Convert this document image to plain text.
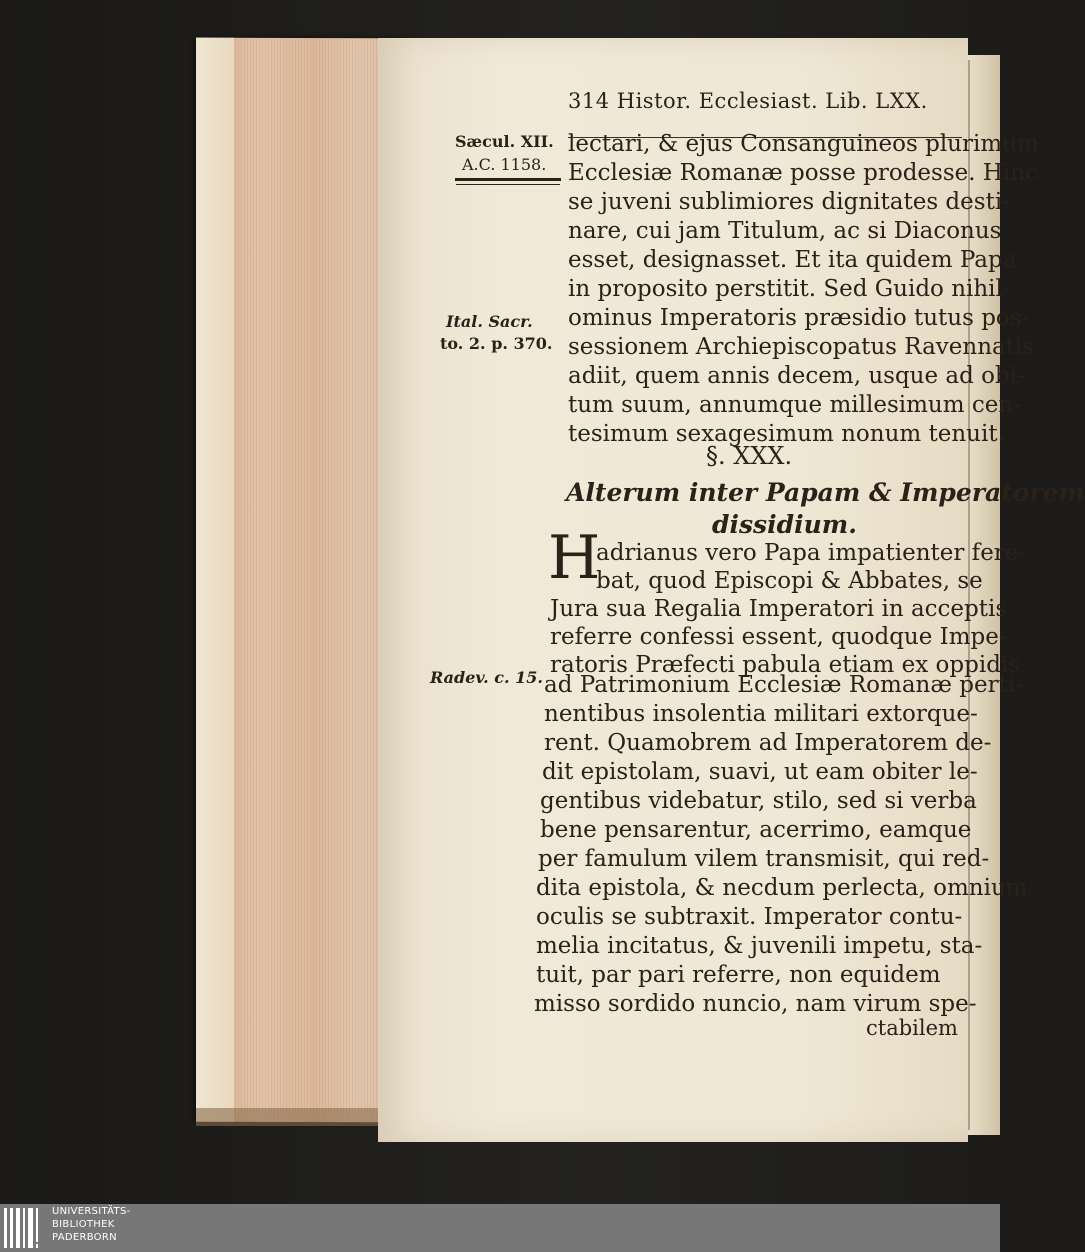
314 Histor. Ecclesiast. Lib. LXX.

Sæcul. XII.

A.C. 1158.

Ital. Sacr.

to. 2. p. 370.

Radev. c. 15.

lectari, & ejus Consanguineos plurimum

Ecclesiæ Romanæ posse prodesse. Hinc

se juveni sublimiores dignitates desti-

nare, cui jam Titulum, ac si Diaconus

esset, designasset. Et ita quidem Papa

in proposito perstitit. Sed Guido nihil-

ominus Imperatoris præsidio tutus pos-

sessionem Archiepiscopatus Ravennatis

adiit, quem annis decem, usque ad obi-

tum suum, annumque millesimum cen-

tesimum sexagesimum nonum tenuit.

§. XXX.

Alterum inter Papam & Imperatorem

dissidium.

H

adrianus vero Papa impatienter fere-

bat, quod Episcopi & Abbates, se

Jura sua Regalia Imperatori in acceptis

referre confessi essent, quodque Impe-

ratoris Præfecti pabula etiam ex oppidis

ad Patrimonium Ecclesiæ Romanæ perti-

nentibus insolentia militari extorque-

rent. Quamobrem ad Imperatorem de-

dit epistolam, suavi, ut eam obiter le-

gentibus videbatur, stilo, sed si verba

bene pensarentur, acerrimo, eamque

per famulum vilem transmisit, qui red-

dita epistola, & necdum perlecta, omnium

oculis se subtraxit. Imperator contu-

melia incitatus, & juvenili impetu, sta-

tuit, par pari referre, non equidem

misso sordido nuncio, nam virum spe-

ctabilem

UNIVERSITÄTS-

BIBLIOTHEK

PADERBORN
